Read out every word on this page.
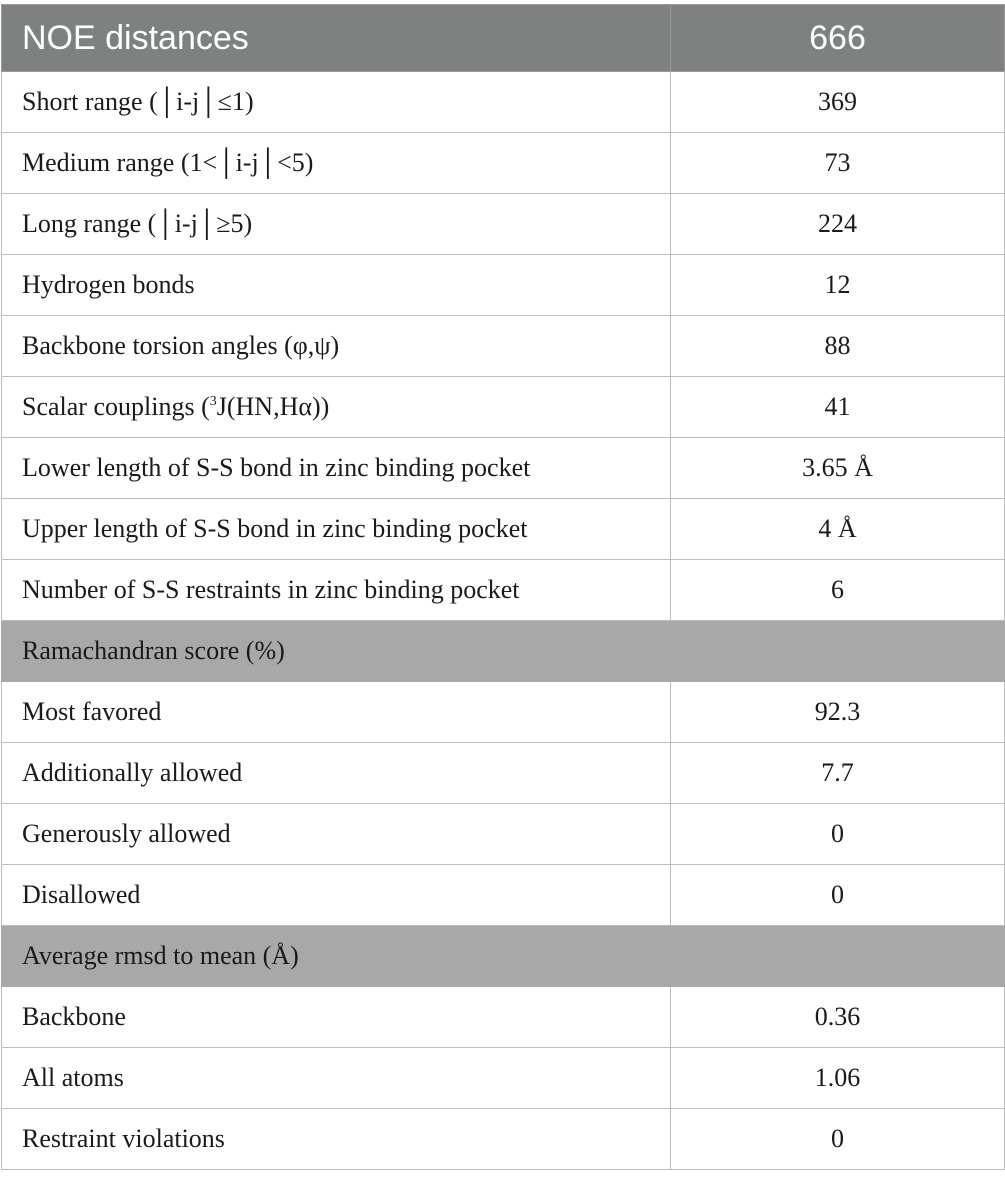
NOE distances	666
Short range (│i-j│≤1)	369
Medium range (1<│i-j│<5)	73
Long range (│i-j│≥5)	224
Hydrogen bonds	12
Backbone torsion angles (φ,ψ)	88
Scalar couplings ($^3$J(HN,Hα))	41
Lower length of S-S bond in zinc binding pocket	3.65 Å
Upper length of S-S bond in zinc binding pocket	4 Å
Number of S-S restraints in zinc binding pocket	6
Ramachandran score (%)	
Most favored	92.3
Additionally allowed	7.7
Generously allowed	0
Disallowed	0
Average rmsd to mean (Å)	
Backbone	0.36
All atoms	1.06
Restraint violations	0
